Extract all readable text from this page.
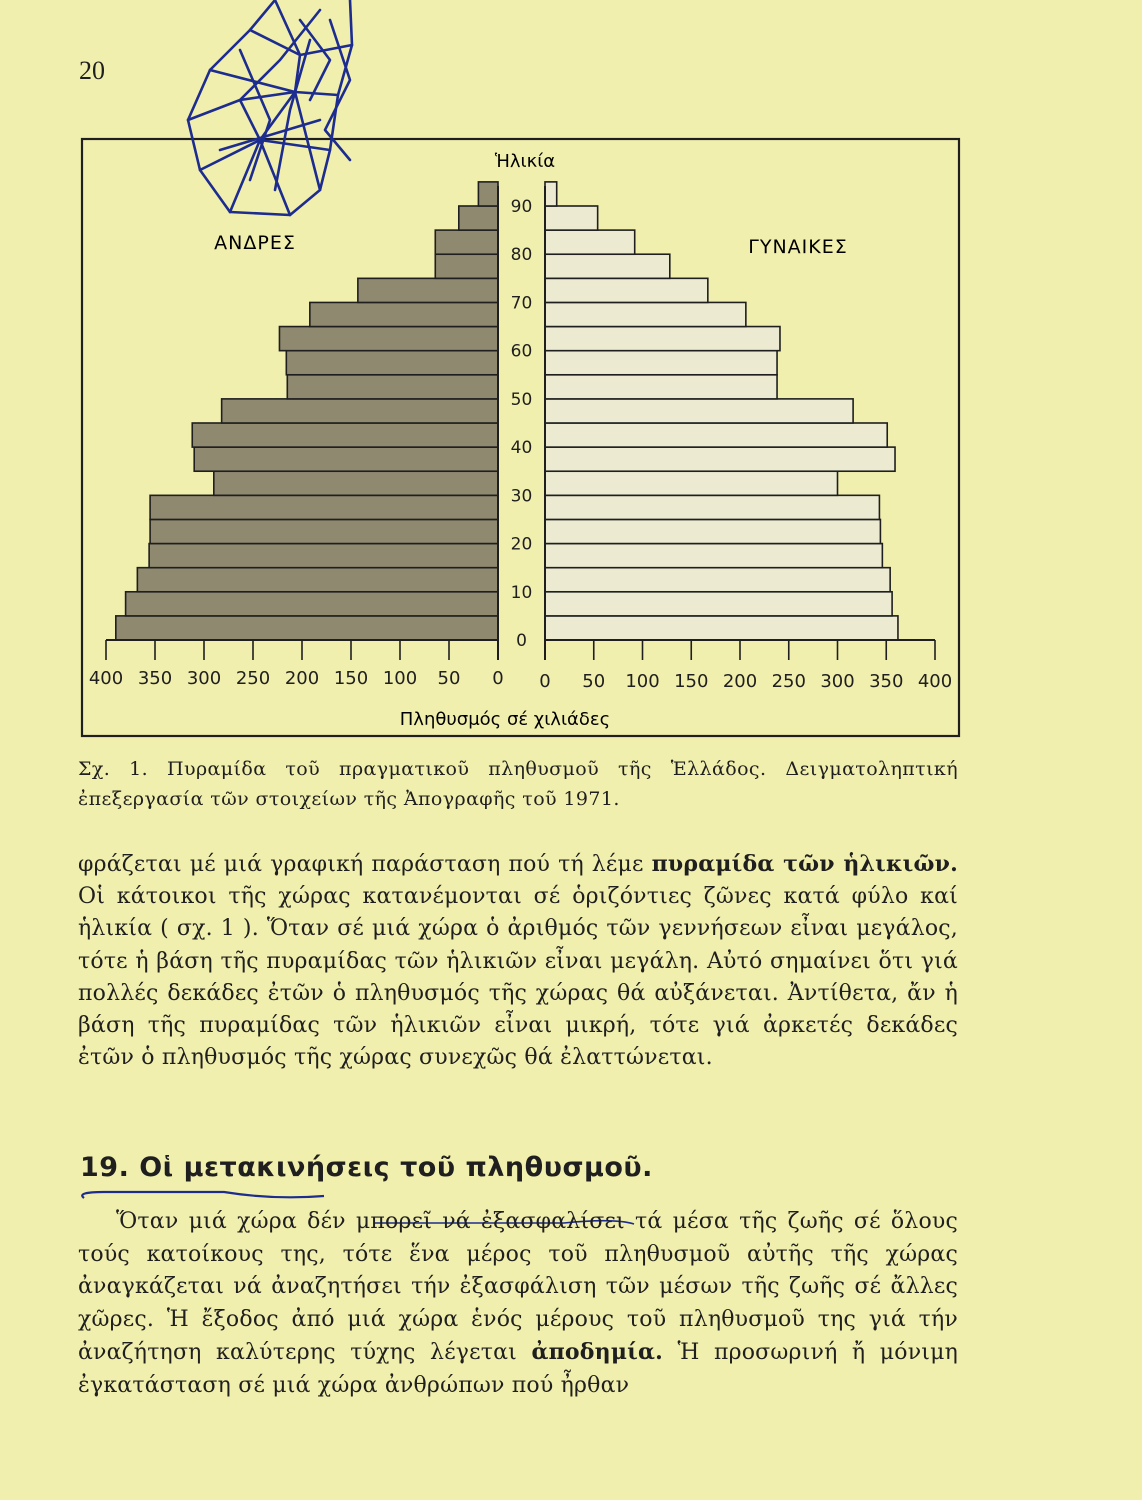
20
400 350 300 250 200 150 100 50 0 0 50 100 150 200 250 300 350 400
0
10
20
30
40
50
60
70
80
90
Ἡλικία
ΑΝΔΡΕΣ	ΓΥΝΑΙΚΕΣ
Πληθυσμός σέ χιλιάδες
Σχ. 1. Πυραμίδα τοῦ πραγματικοῦ πληθυσμοῦ τῆς Ἑλλάδος. Δειγματοληπτική ἐπεξεργασία τῶν στοιχείων τῆς Ἀπογραφῆς τοῦ 1971.

φράζεται μέ μιά γραφική παράσταση πού τή λέμε πυραμίδα τῶν ἡλικιῶν. Οἱ κάτοικοι τῆς χώρας κατανέμονται σέ ὁριζόντιες ζῶνες κατά φύλο καί ἡλικία ( σχ. 1 ). Ὅταν σέ μιά χώρα ὁ ἀριθμός τῶν γεννήσεων εἶναι μεγάλος, τότε ἡ βάση τῆς πυραμίδας τῶν ἡλικιῶν εἶναι μεγάλη. Αὐτό σημαίνει ὅτι γιά πολλές δεκάδες ἐτῶν ὁ πληθυσμός τῆς χώρας θά αὐξάνεται. Ἀντίθετα, ἄν ἡ βάση τῆς πυραμίδας τῶν ἡλικιῶν εἶναι μικρή, τότε γιά ἀρκετές δεκάδες ἐτῶν ὁ πληθυσμός τῆς χώρας συνεχῶς θά ἐλαττώνεται.

19. Οἱ μετακινήσεις τοῦ πληθυσμοῦ.

Ὅταν μιά χώρα δέν μπορεῖ νά ἐξασφαλίσει τά μέσα τῆς ζωῆς σέ ὅλους τούς κατοίκους της, τότε ἕνα μέρος τοῦ πληθυσμοῦ αὐτῆς τῆς χώρας ἀναγκάζεται νά ἀναζητήσει τήν ἐξασφάλιση τῶν μέσων τῆς ζωῆς σέ ἄλλες χῶρες. Ἡ ἔξοδος ἀπό μιά χώρα ἑνός μέρους τοῦ πληθυσμοῦ της γιά τήν ἀναζήτηση καλύτερης τύχης λέγεται ἀποδημία. Ἡ προσωρινή ἤ μόνιμη ἐγκατάσταση σέ μιά χώρα ἀνθρώπων πού ἦρθαν
